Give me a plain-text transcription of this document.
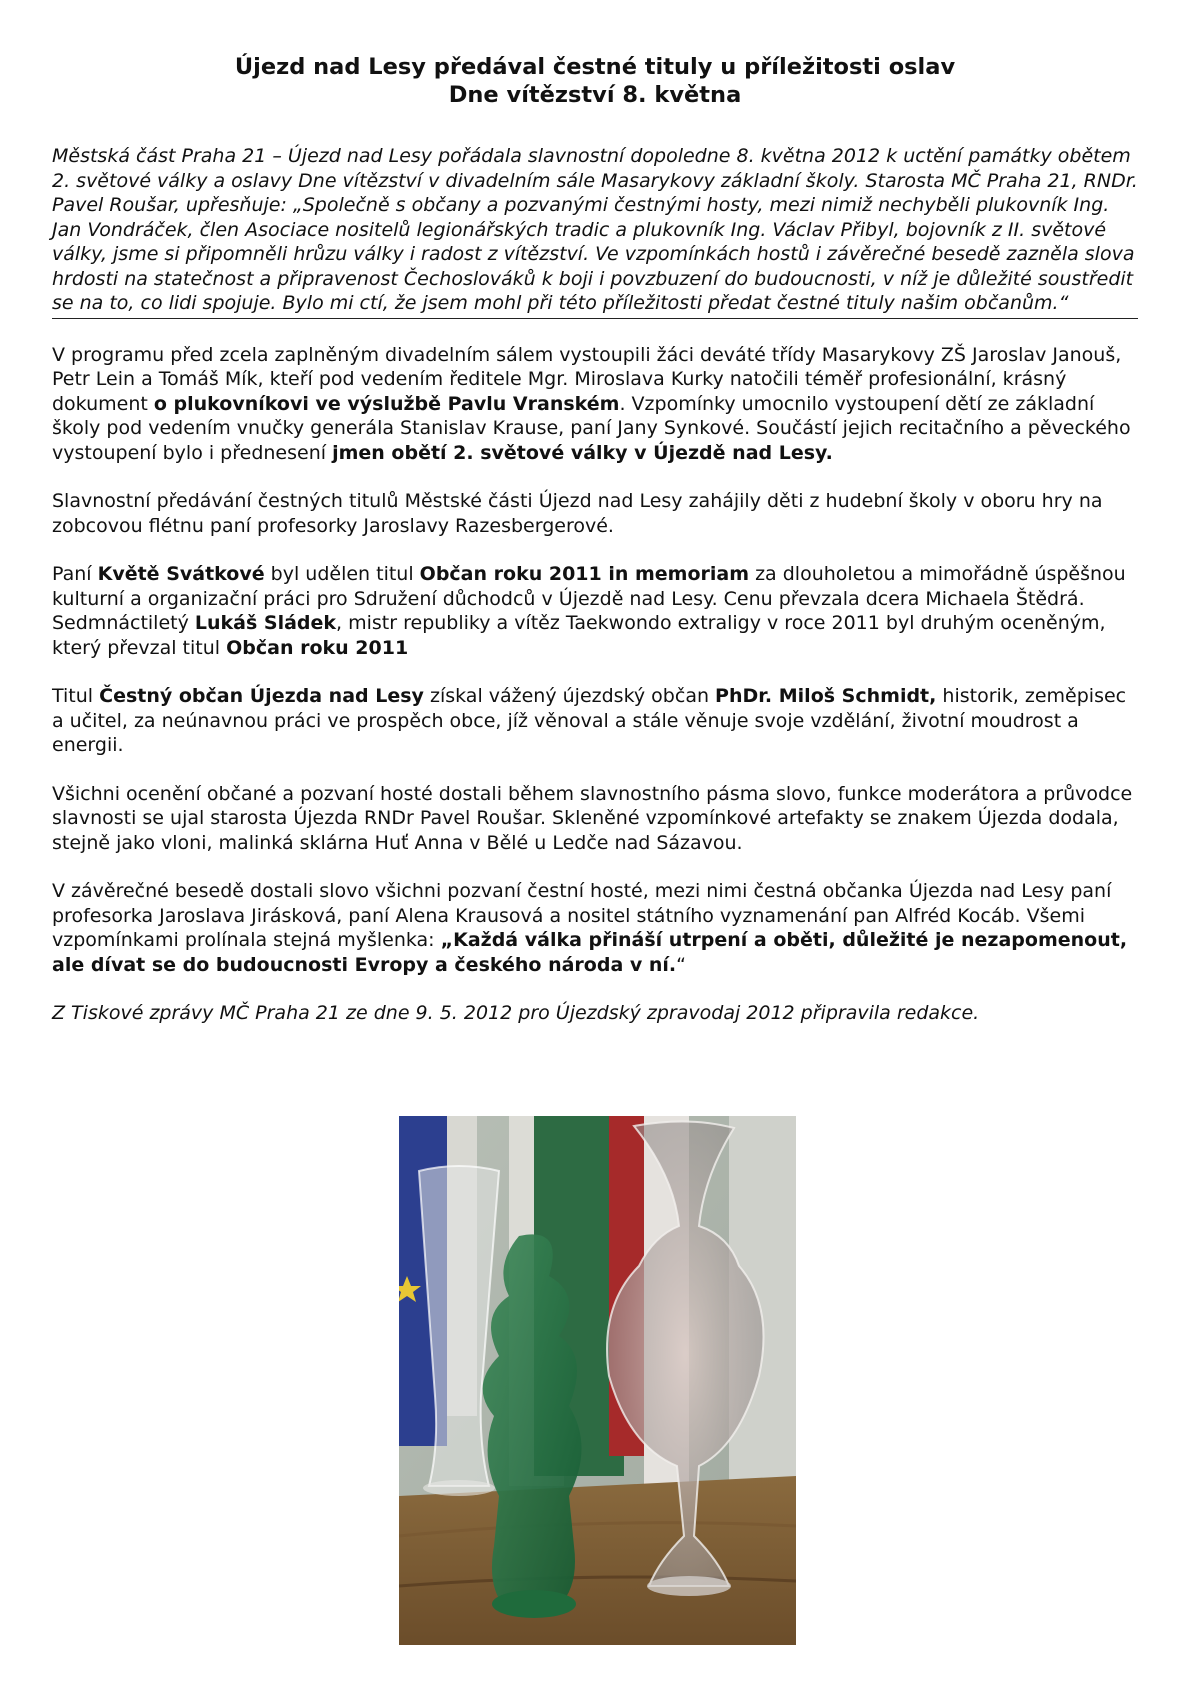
Újezd nad Lesy předával čestné tituly u příležitosti oslav
Dne vítězství 8. května
Městská část Praha 21 – Újezd nad Lesy pořádala slavnostní dopoledne 8. května 2012 k uctění památky obětem 2. světové války a oslavy Dne vítězství v divadelním sále Masarykovy základní školy. Starosta MČ Praha 21, RNDr. Pavel Roušar, upřesňuje: „Společně s občany a pozvanými čestnými hosty, mezi nimiž nechyběli plukovník Ing. Jan Vondráček, člen Asociace nositelů legionářských tradic a plukovník Ing. Václav Přibyl, bojovník z II. světové války, jsme si připomněli hrůzu války i radost z vítězství. Ve vzpomínkách hostů i závěrečné besedě zazněla slova hrdosti na statečnost a připravenost Čechoslováků k boji i povzbuzení do budoucnosti, v níž je důležité soustředit se na to, co lidi spojuje. Bylo mi ctí, že jsem mohl při této příležitosti předat čestné tituly našim občanům.“
V programu před zcela zaplněným divadelním sálem vystoupili žáci deváté třídy Masarykovy ZŠ Jaroslav Janouš, Petr Lein a Tomáš Mík, kteří pod vedením ředitele Mgr. Miroslava Kurky natočili téměř profesionální, krásný dokument o plukovníkovi ve výslužbě Pavlu Vranském. Vzpomínky umocnilo vystoupení dětí ze základní školy pod vedením vnučky generála Stanislav Krause, paní Jany Synkové. Součástí jejich recitačního a pěveckého vystoupení bylo i přednesení jmen obětí 2. světové války v Újezdě nad Lesy.
Slavnostní předávání čestných titulů Městské části Újezd nad Lesy zahájily děti z hudební školy v oboru hry na zobcovou flétnu paní profesorky Jaroslavy Razesbergerové.
Paní Květě Svátkové byl udělen titul Občan roku 2011 in memoriam za dlouholetou a mimořádně úspěšnou kulturní a organizační práci pro Sdružení důchodců v Újezdě nad Lesy. Cenu převzala dcera Michaela Štědrá. Sedmnáctiletý Lukáš Sládek, mistr republiky a vítěz Taekwondo extraligy v roce 2011 byl druhým oceněným, který převzal titul Občan roku 2011
Titul Čestný občan Újezda nad Lesy získal vážený újezdský občan PhDr. Miloš Schmidt, historik, zeměpisec a učitel, za neúnavnou práci ve prospěch obce, jíž věnoval a stále věnuje svoje vzdělání, životní moudrost a energii.
Všichni ocenění občané a pozvaní hosté dostali během slavnostního pásma slovo, funkce moderátora a průvodce slavnosti se ujal starosta Újezda RNDr Pavel Roušar. Skleněné vzpomínkové artefakty se znakem Újezda dodala, stejně jako vloni, malinká sklárna Huť Anna v Bělé u Ledče nad Sázavou.
V závěrečné besedě dostali slovo všichni pozvaní čestní hosté, mezi nimi čestná občanka Újezda nad Lesy paní profesorka Jaroslava Jirásková, paní Alena Krausová a nositel státního vyznamenání pan Alfréd Kocáb. Všemi vzpomínkami prolínala stejná myšlenka: „Každá válka přináší utrpení a oběti, důležité je nezapomenout, ale dívat se do budoucnosti Evropy a českého národa v ní.“
Z Tiskové zprávy MČ Praha 21 ze dne 9. 5. 2012 pro Újezdský zpravodaj 2012 připravila redakce.
